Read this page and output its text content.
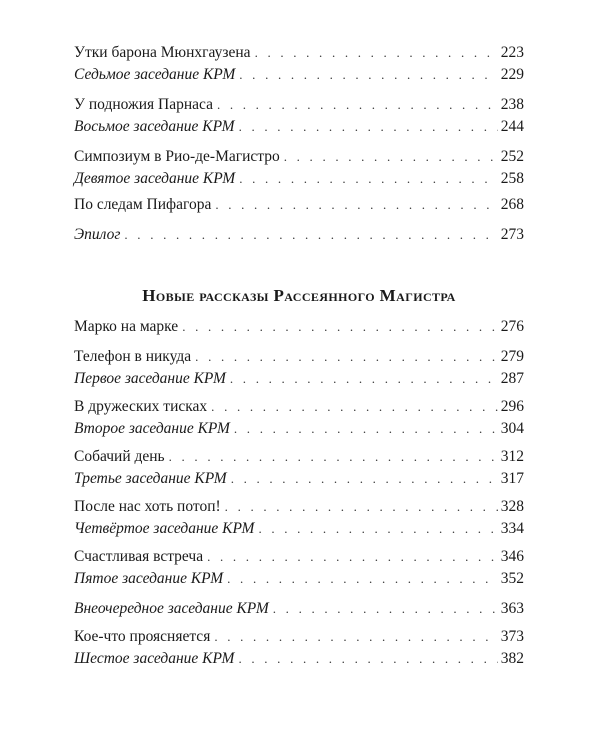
Утки барона Мюнхгаузена . . .	223
Седьмое заседание КРМ . . .	229
У подножия Парнаса . . .	238
Восьмое заседание КРМ . . .	244
Симпозиум в Рио-де-Магистро . . .	252
Девятое заседание КРМ . . .	258
По следам Пифагора . . .	268
Эпилог . . .	273
Новые рассказы Рассеянного Магистра
Марко на марке . . .	276
Телефон в никуда . . .	279
Первое заседание КРМ . . .	287
В дружеских тисках . . .	296
Второе заседание КРМ . . .	304
Собачий день . . .	312
Третье заседание КРМ . . .	317
После нас хоть потоп! . . .	328
Четвёртое заседание КРМ . . .	334
Счастливая встреча . . .	346
Пятое заседание КРМ . . .	352
Внеочередное заседание КРМ . . .	363
Кое-что проясняется . . .	373
Шестое заседание КРМ . . .	382
